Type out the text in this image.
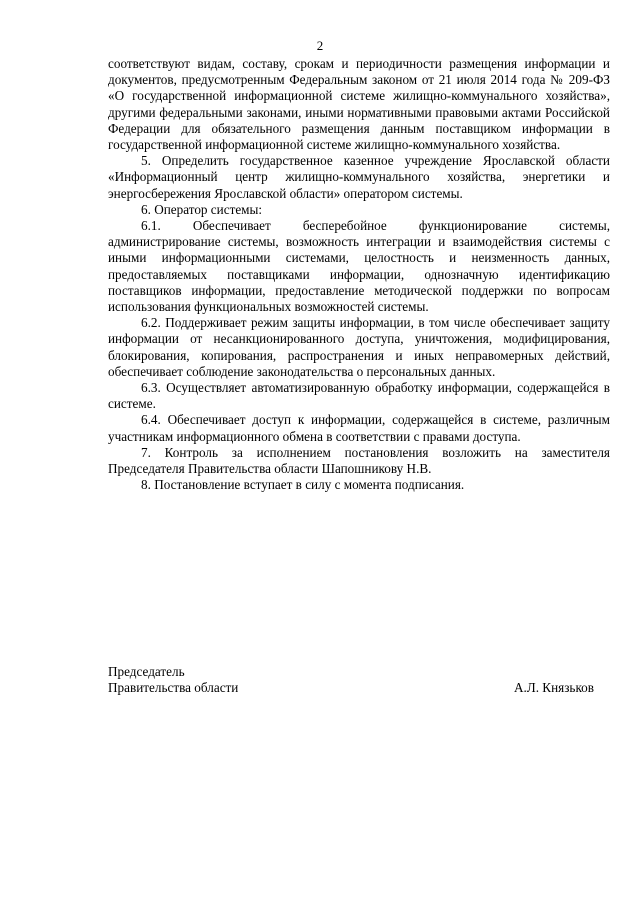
2

соответствуют видам, составу, срокам и периодичности размещения информации и документов, предусмотренным Федеральным законом от 21 июля 2014 года № 209-ФЗ «О государственной информационной системе жилищно-коммунального хозяйства», другими федеральными законами, иными нормативными правовыми актами Российской Федерации для обязательного размещения данным поставщиком информации в государственной информационной системе жилищно-коммунального хозяйства.

5. Определить государственное казенное учреждение Ярославской области «Информационный центр жилищно-коммунального хозяйства, энергетики и энергосбережения Ярославской области» оператором системы.

6. Оператор системы:

6.1. Обеспечивает бесперебойное функционирование системы, администрирование системы, возможность интеграции и взаимодействия системы с иными информационными системами, целостность и неизменность данных, предоставляемых поставщиками информации, однозначную идентификацию поставщиков информации, предоставление методической поддержки по вопросам использования функциональных возможностей системы.

6.2. Поддерживает режим защиты информации, в том числе обеспечивает защиту информации от несанкционированного доступа, уничтожения, модифицирования, блокирования, копирования, распространения и иных неправомерных действий, обеспечивает соблюдение законодательства о персональных данных.

6.3. Осуществляет автоматизированную обработку информации, содержащейся в системе.

6.4. Обеспечивает доступ к информации, содержащейся в системе, различным участникам информационного обмена в соответствии с правами доступа.

7. Контроль за исполнением постановления возложить на заместителя Председателя Правительства области Шапошникову Н.В.

8. Постановление вступает в силу с момента подписания.

Председатель
Правительства области	А.Л. Князьков
